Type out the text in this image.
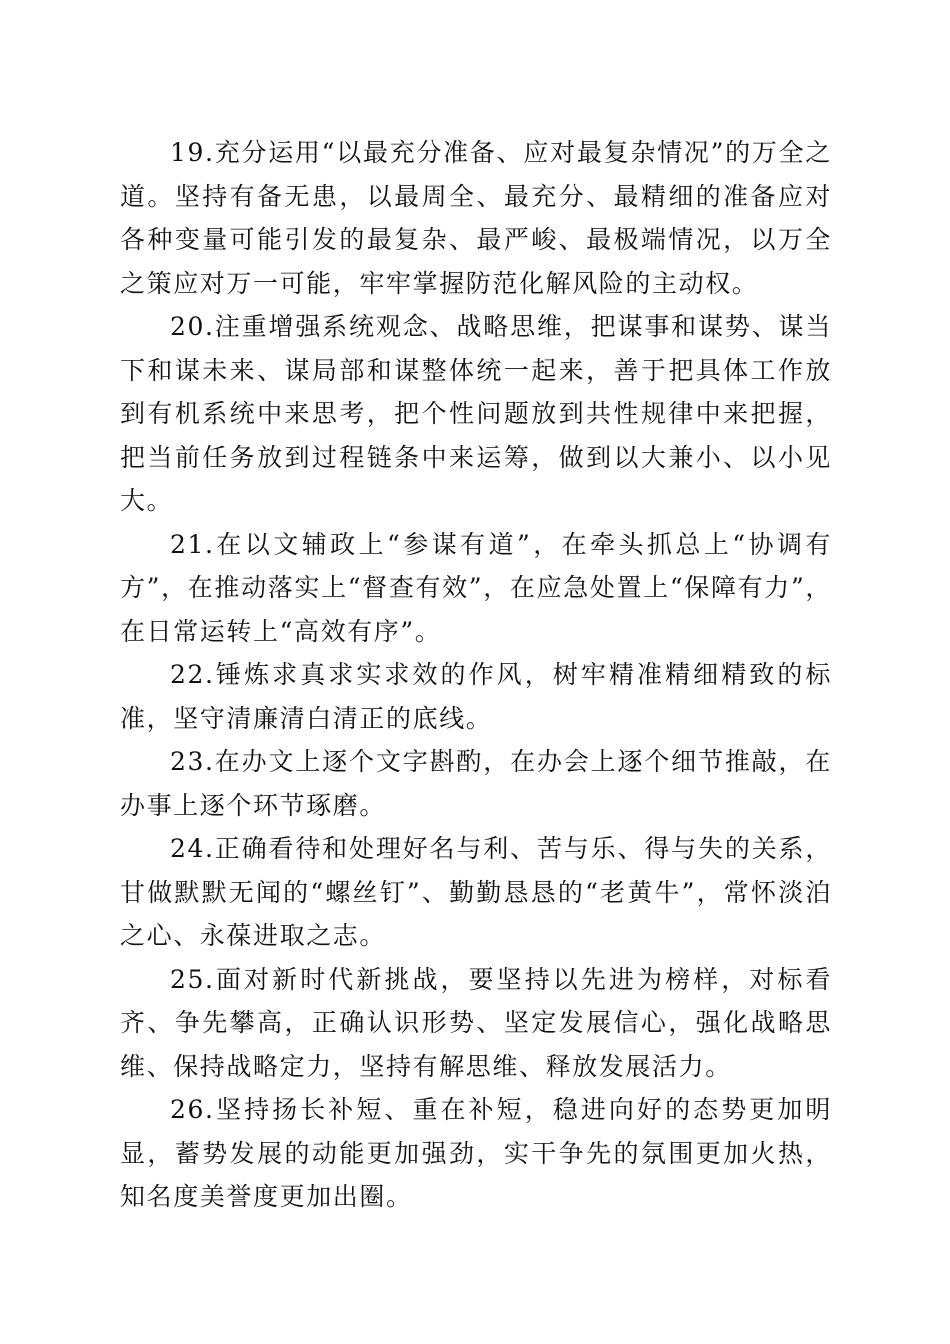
19.充分运用“以最充分准备、应对最复杂情况”的万全之道。坚持有备无患，以最周全、最充分、最精细的准备应对各种变量可能引发的最复杂、最严峻、最极端情况，以万全之策应对万一可能，牢牢掌握防范化解风险的主动权。

20.注重增强系统观念、战略思维，把谋事和谋势、谋当下和谋未来、谋局部和谋整体统一起来，善于把具体工作放到有机系统中来思考，把个性问题放到共性规律中来把握，把当前任务放到过程链条中来运筹，做到以大兼小、以小见大。

21.在以文辅政上“参谋有道”，在牵头抓总上“协调有方”，在推动落实上“督查有效”，在应急处置上“保障有力”，在日常运转上“高效有序”。

22.锤炼求真求实求效的作风，树牢精准精细精致的标准，坚守清廉清白清正的底线。

23.在办文上逐个文字斟酌，在办会上逐个细节推敲，在办事上逐个环节琢磨。

24.正确看待和处理好名与利、苦与乐、得与失的关系，甘做默默无闻的“螺丝钉”、勤勤恳恳的“老黄牛”，常怀淡泊之心、永葆进取之志。

25.面对新时代新挑战，要坚持以先进为榜样，对标看齐、争先攀高，正确认识形势、坚定发展信心，强化战略思维、保持战略定力，坚持有解思维、释放发展活力。

26.坚持扬长补短、重在补短，稳进向好的态势更加明显，蓄势发展的动能更加强劲，实干争先的氛围更加火热，知名度美誉度更加出圈。
